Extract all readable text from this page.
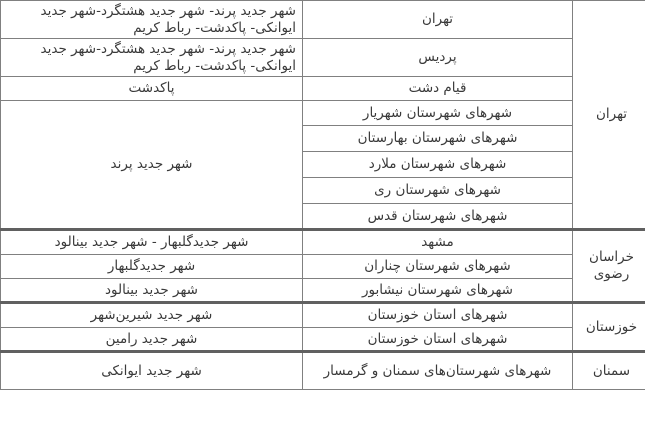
تهران	تهران	شهر جدید پرند- شهر جدید هشتگرد-شهر جدید ایوانکی- پاکدشت- رباط کریم
	پردیس	شهر جدید پرند- شهر جدید هشتگرد-شهر جدید ایوانکی- پاکدشت- رباط کریم
	قیام دشت	پاکدشت
	شهرهای شهرستان شهریار	شهر جدید پرند
	شهرهای شهرستان بهارستان	
	شهرهای شهرستان ملارد	
	شهرهای شهرستان ری	
	شهرهای شهرستان قدس	
خراسان رضوی	مشهد	شهر جدیدگلبهار - شهر جدید بینالود
	شهرهای شهرستان چناران	شهر جدیدگلبهار
	شهرهای شهرستان نیشابور	شهر جدید بینالود
خوزستان	شهرهای استان خوزستان	شهر جدید شیرین‌شهر
	شهرهای استان خوزستان	شهر جدید رامین
سمنان	شهرهای شهرستان‌های سمنان و گرمسار	شهر جدید ایوانکی
